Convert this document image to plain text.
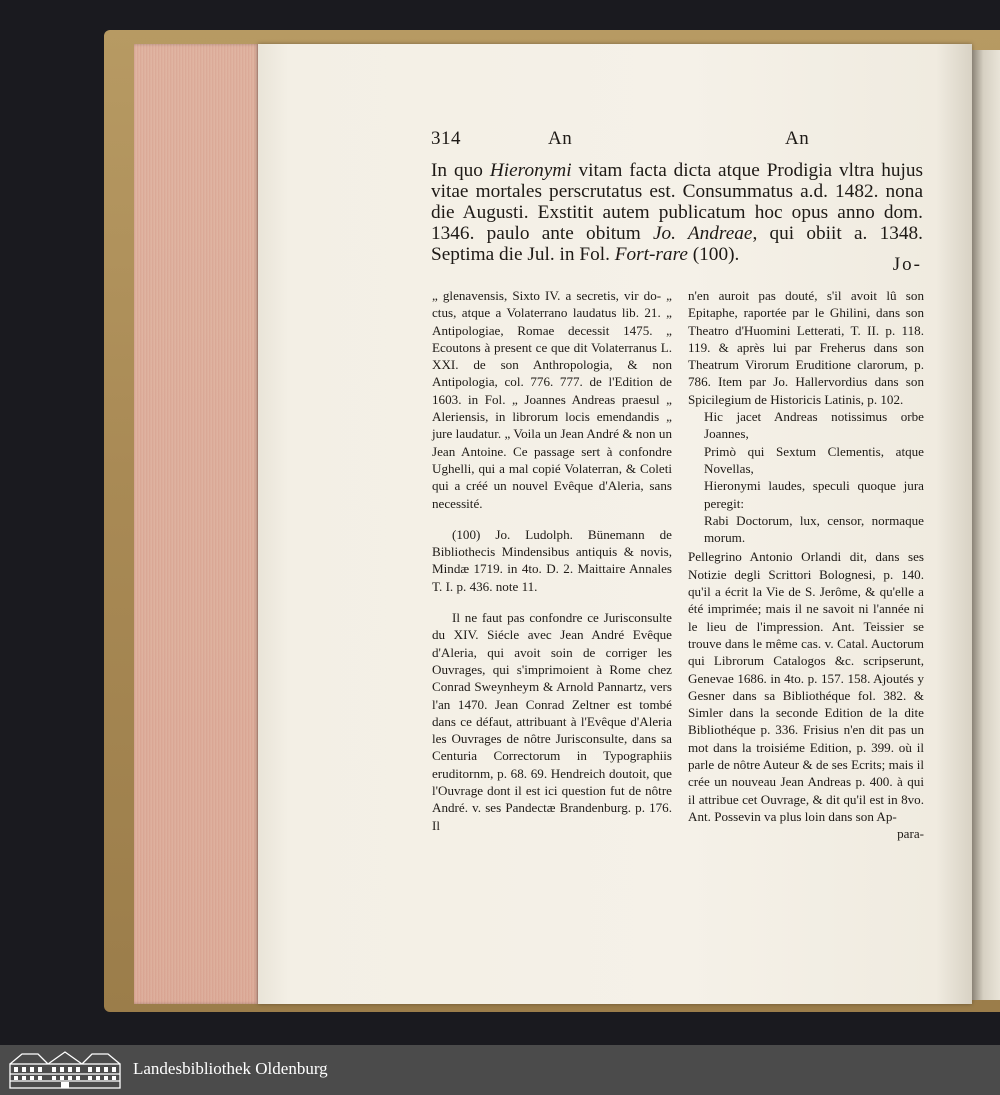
314	An	An

In quo Hieronymi vitam facta dicta atque Prodigia vltra hujus vitae mortales perscrutatus est. Consummatus a.d. 1482. nona die Augusti. Exstitit autem publicatum hoc opus anno dom. 1346. paulo ante obitum Jo. Andreae, qui obiit a. 1348. Septima die Jul. in Fol. Fort-rare (100).	Jo-

„ glenavensis, Sixto IV. a secretis, vir do- „ ctus, atque a Volaterrano laudatus lib. 21. „ Antipologiae, Romae decessit 1475. „ Ecoutons à present ce que dit Volaterranus L. XXI. de son Anthropologia, & non Antipologia, col. 776. 777. de l'Edition de 1603. in Fol. „ Joannes Andreas praesul „ Aleriensis, in librorum locis emendandis „ jure laudatur. „ Voila un Jean André & non un Jean Antoine. Ce passage sert à confondre Ughelli, qui a mal copié Volaterran, & Coleti qui a créé un nouvel Evêque d'Aleria, sans necessité.

(100) Jo. Ludolph. Bünemann de Bibliothecis Mindensibus antiquis & novis, Mindæ 1719. in 4to. D. 2. Maittaire Annales T. I. p. 436. note 11.

Il ne faut pas confondre ce Jurisconsulte du XIV. Siécle avec Jean André Evêque d'Aleria, qui avoit soin de corriger les Ouvrages, qui s'imprimoient à Rome chez Conrad Sweynheym & Arnold Pannartz, vers l'an 1470. Jean Conrad Zeltner est tombé dans ce défaut, attribuant à l'Evêque d'Aleria les Ouvrages de nôtre Jurisconsulte, dans sa Centuria Correctorum in Typographiis eruditornm, p. 68. 69. Hendreich doutoit, que l'Ouvrage dont il est ici question fut de nôtre André. v. ses Pandectæ Brandenburg. p. 176. Il

n'en auroit pas douté, s'il avoit lû son Epitaphe, raportée par le Ghilini, dans son Theatro d'Huomini Letterati, T. II. p. 118. 119. & après lui par Freherus dans son Theatrum Virorum Eruditione clarorum, p. 786. Item par Jo. Hallervordius dans son Spicilegium de Historicis Latinis, p. 102.

Hic jacet Andreas notissimus orbe Joannes,

Primò qui Sextum Clementis, atque Novellas,

Hieronymi laudes, speculi quoque jura peregit:

Rabi Doctorum, lux, censor, normaque morum.

Pellegrino Antonio Orlandi dit, dans ses Notizie degli Scrittori Bolognesi, p. 140. qu'il a écrit la Vie de S. Jerôme, & qu'elle a été imprimée; mais il ne savoit ni l'année ni le lieu de l'impression. Ant. Teissier se trouve dans le même cas. v. Catal. Auctorum qui Librorum Catalogos &c. scripserunt, Genevae 1686. in 4to. p. 157. 158. Ajoutés y Gesner dans sa Bibliothéque fol. 382. & Simler dans la seconde Edition de la dite Bibliothéque p. 336. Frisius n'en dit pas un mot dans la troisiéme Edition, p. 399. où il parle de nôtre Auteur & de ses Ecrits; mais il crée un nouveau Jean Andreas p. 400. à qui il attribue cet Ouvrage, & dit qu'il est in 8vo. Ant. Possevin va plus loin dans son Ap-

para-

Landesbibliothek Oldenburg
